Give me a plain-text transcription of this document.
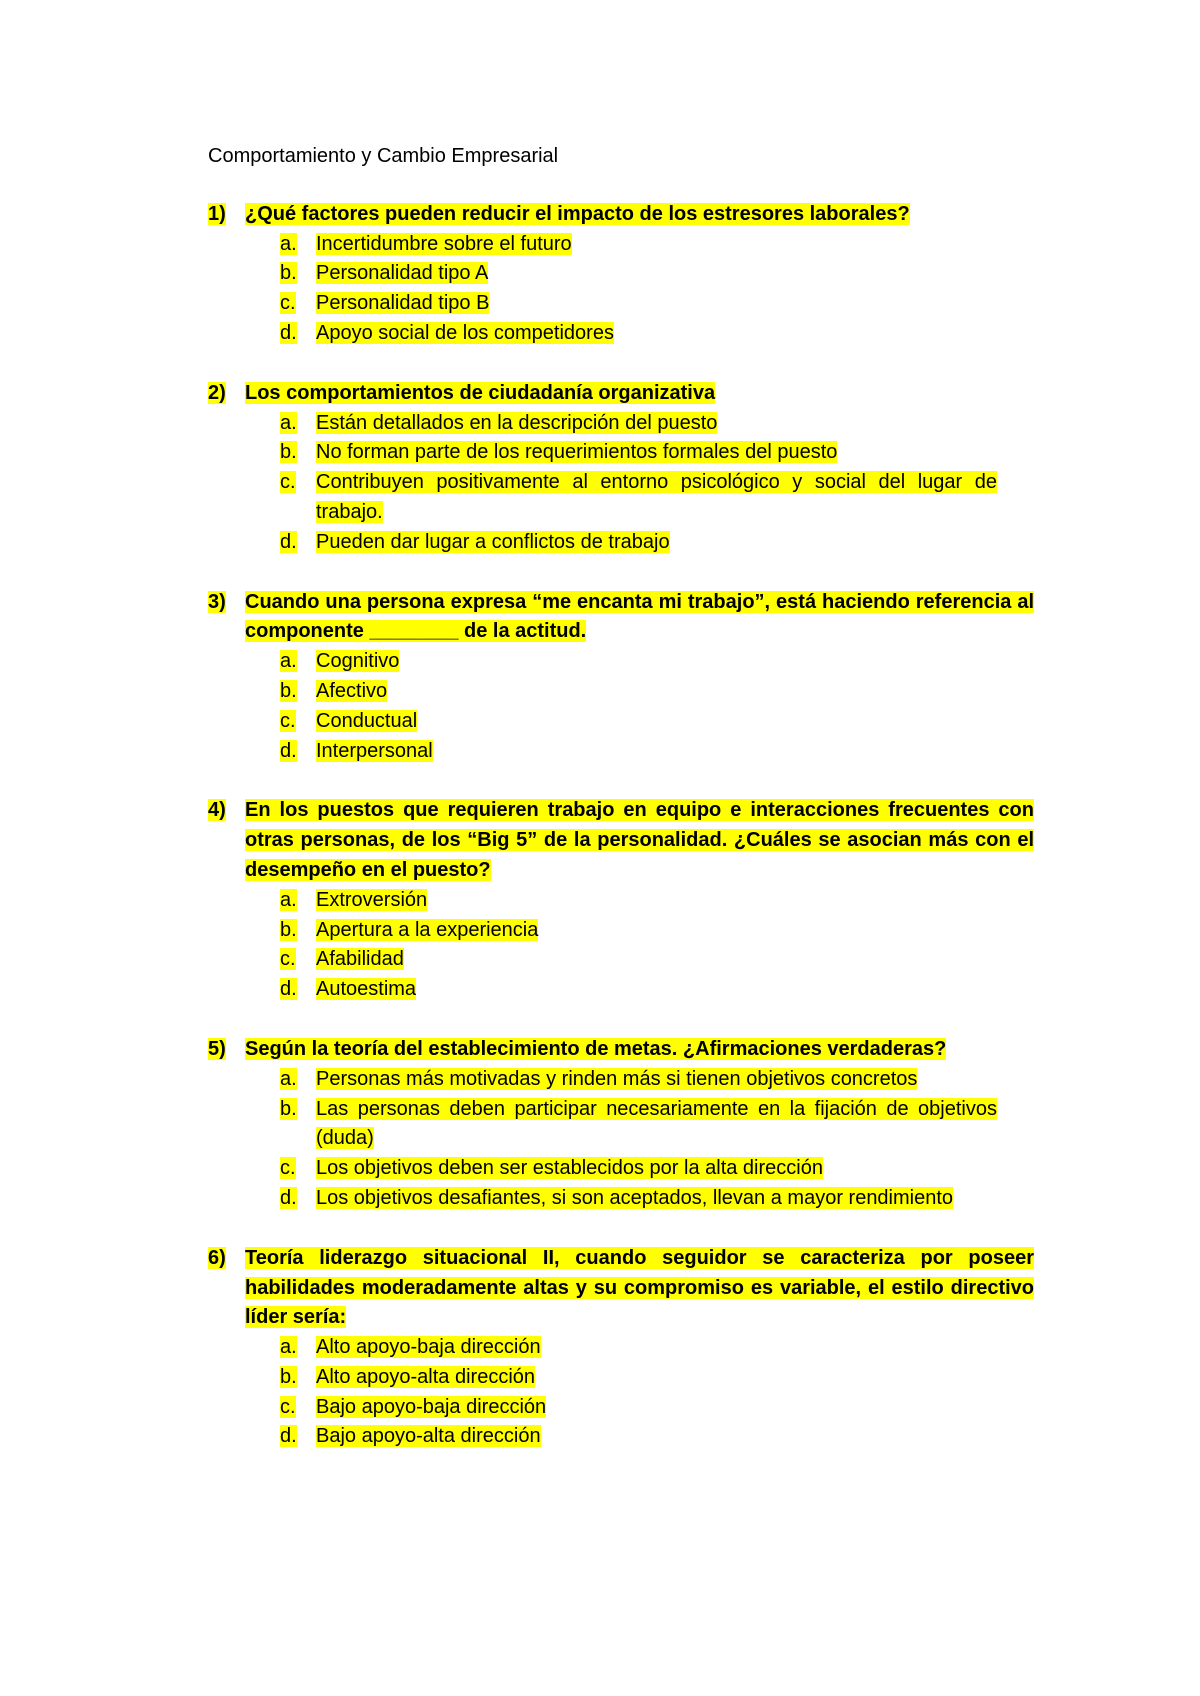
Comportamiento y Cambio Empresarial
1) ¿Qué factores pueden reducir el impacto de los estresores laborales?
a. Incertidumbre sobre el futuro
b. Personalidad tipo A
c.	Personalidad tipo B
d. Apoyo social de los competidores
2) Los comportamientos de ciudadanía organizativa
a. Están detallados en la descripción del puesto
b. No forman parte de los requerimientos formales del puesto
c.	Contribuyen positivamente al entorno psicológico y social del lugar de trabajo.
d. Pueden dar lugar a conflictos de trabajo
3) Cuando una persona expresa “me encanta mi trabajo”, está haciendo referencia al componente ________ de la actitud.
a. Cognitivo
b. Afectivo
c.	Conductual
d. Interpersonal
4) En los puestos que requieren trabajo en equipo e interacciones frecuentes con otras personas, de los “Big 5” de la personalidad. ¿Cuáles se asocian más con el desempeño en el puesto?
a. Extroversión
b. Apertura a la experiencia
c.	Afabilidad
d. Autoestima
5) Según la teoría del establecimiento de metas. ¿Afirmaciones verdaderas?
a. Personas más motivadas y rinden más si tienen objetivos concretos
b. Las personas deben participar necesariamente en la fijación de objetivos (duda)
c.	Los objetivos deben ser establecidos por la alta dirección
d. Los objetivos desafiantes, si son aceptados, llevan a mayor rendimiento
6) Teoría liderazgo situacional II, cuando seguidor se caracteriza por poseer habilidades moderadamente altas y su compromiso es variable, el estilo directivo líder sería:
a. Alto apoyo-baja dirección
b. Alto apoyo-alta dirección
c.	Bajo apoyo-baja dirección
d. Bajo apoyo-alta dirección
